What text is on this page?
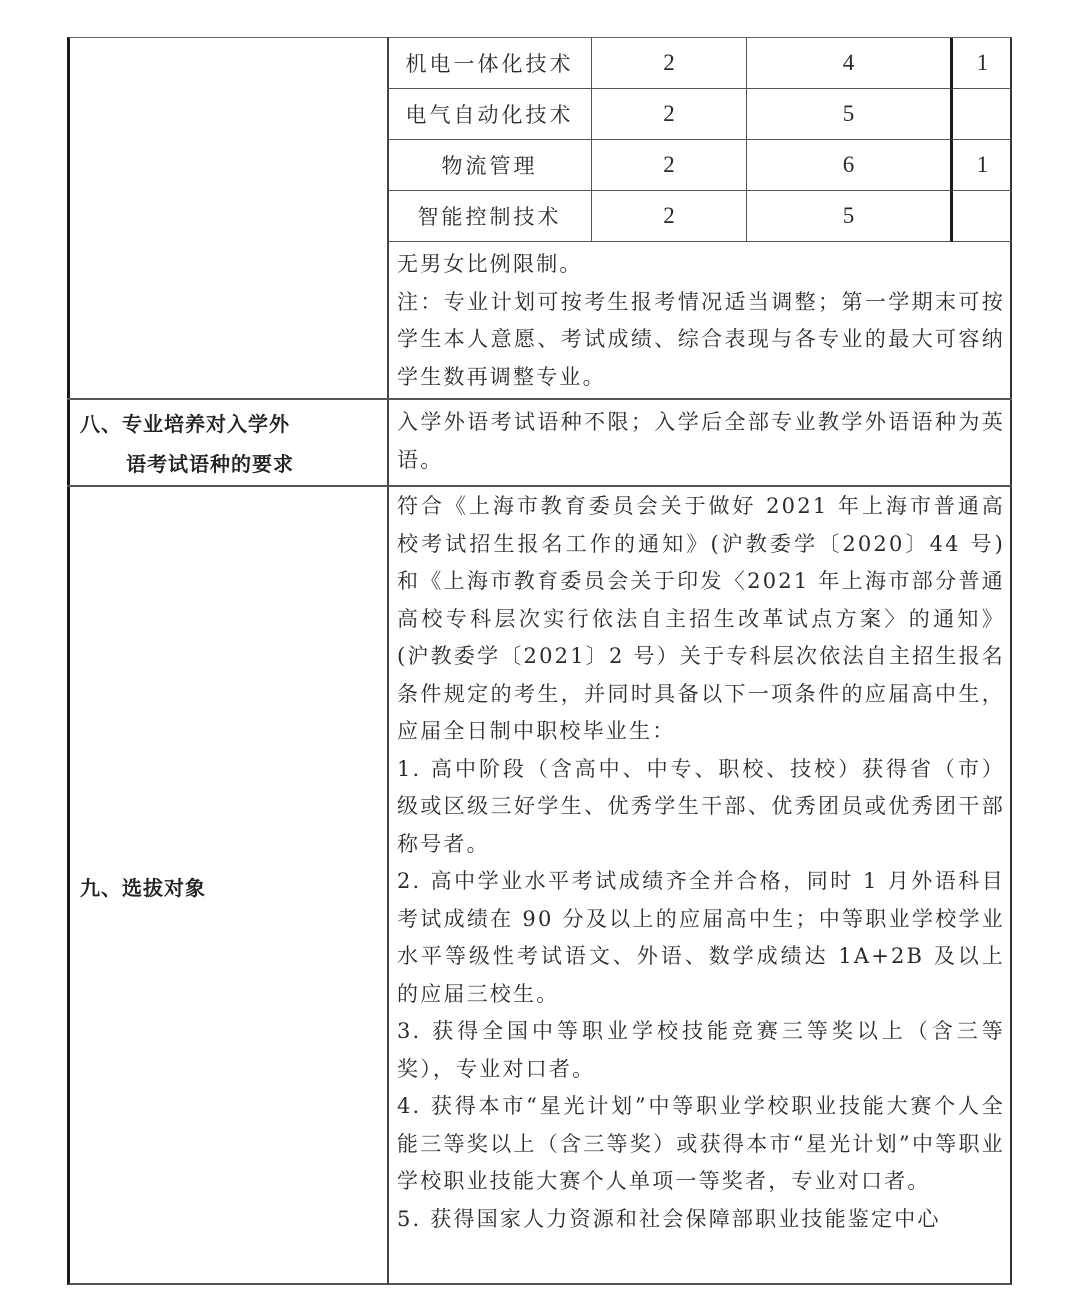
机电一体化技术	2	4	1
电气自动化技术	2	5
物流管理	2	6	1
智能控制技术	2	5

无男女比例限制。

注：专业计划可按考生报考情况适当调整；第一学期末可按学生本人意愿、考试成绩、综合表现与各专业的最大可容纳学生数再调整专业。

八、专业培养对入学外
语考试语种的要求

入学外语考试语种不限；入学后全部专业教学外语语种为英语。

九、选拔对象

符合《上海市教育委员会关于做好 2021 年上海市普通高校考试招生报名工作的通知》(沪教委学〔2020〕44 号)和《上海市教育委员会关于印发〈2021 年上海市部分普通高校专科层次实行依法自主招生改革试点方案〉的通知》(沪教委学〔2021〕2 号）关于专科层次依法自主招生报名条件规定的考生，并同时具备以下一项条件的应届高中生，应届全日制中职校毕业生：

1. 高中阶段（含高中、中专、职校、技校）获得省（市）级或区级三好学生、优秀学生干部、优秀团员或优秀团干部称号者。

2. 高中学业水平考试成绩齐全并合格，同时 1 月外语科目考试成绩在 90 分及以上的应届高中生；中等职业学校学业水平等级性考试语文、外语、数学成绩达 1A+2B 及以上的应届三校生。

3. 获得全国中等职业学校技能竞赛三等奖以上（含三等奖），专业对口者。

4. 获得本市“星光计划”中等职业学校职业技能大赛个人全能三等奖以上（含三等奖）或获得本市“星光计划”中等职业学校职业技能大赛个人单项一等奖者，专业对口者。

5. 获得国家人力资源和社会保障部职业技能鉴定中心
